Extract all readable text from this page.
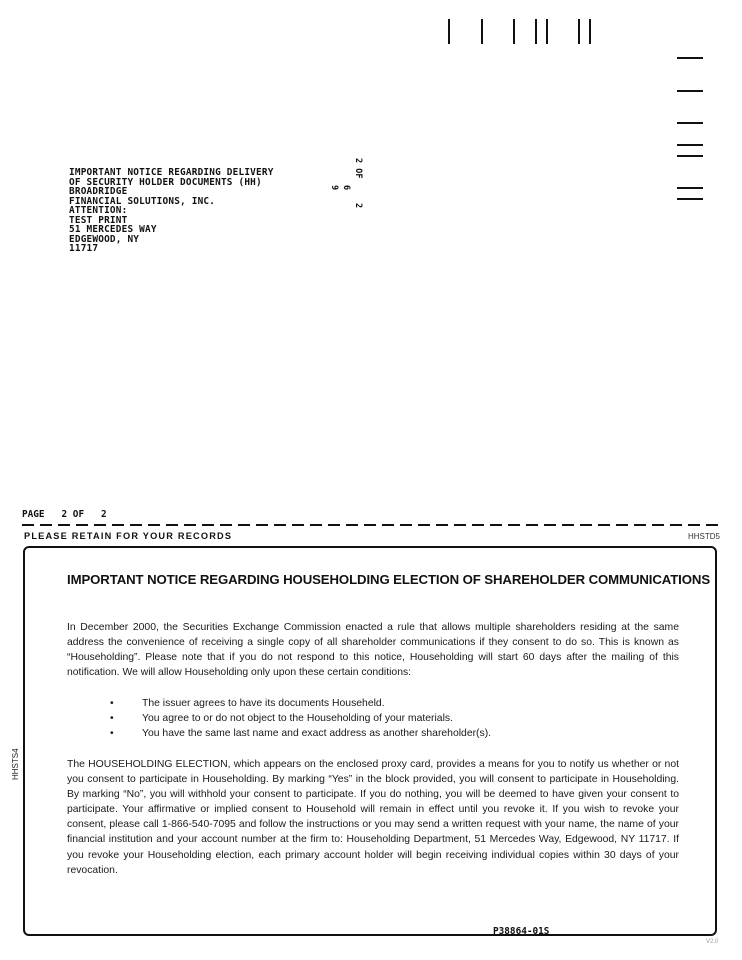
IMPORTANT NOTICE REGARDING DELIVERY
OF SECURITY HOLDER DOCUMENTS (HH)
BROADRIDGE
FINANCIAL SOLUTIONS, INC.
ATTENTION:
TEST PRINT
51 MERCEDES WAY
EDGEWOOD, NY
11717
2 OF
2
6
9
PAGE 2 OF 2
PLEASE RETAIN FOR YOUR RECORDS	HHSTD5
IMPORTANT NOTICE REGARDING HOUSEHOLDING ELECTION OF SHAREHOLDER COMMUNICATIONS
In December 2000, the Securities Exchange Commission enacted a rule that allows multiple shareholders residing at the same address the convenience of receiving a single copy of all shareholder communications if they consent to do so. This is known as “Householding”. Please note that if you do not respond to this notice, Householding will start 60 days after the mailing of this notification. We will allow Householding only upon these certain conditions:
•	The issuer agrees to have its documents Househeld.
•	You agree to or do not object to the Householding of your materials.
•	You have the same last name and exact address as another shareholder(s).
The HOUSEHOLDING ELECTION, which appears on the enclosed proxy card, provides a means for you to notify us whether or not you consent to participate in Householding. By marking “Yes” in the block provided, you will consent to participate in Householding. By marking “No”, you will withhold your consent to participate. If you do nothing, you will be deemed to have given your consent to participate. Your affirmative or implied consent to Household will remain in effect until you revoke it. If you wish to revoke your consent, please call 1-866-540-7095 and follow the instructions or you may send a written request with your name, the name of your financial institution and your account number at the firm to: Householding Department, 51 Mercedes Way, Edgewood, NY 11717. If you revoke your Householding election, each primary account holder will begin receiving individual copies within 30 days of your revocation.
HHSTS4
P38864-01S
V2.0
